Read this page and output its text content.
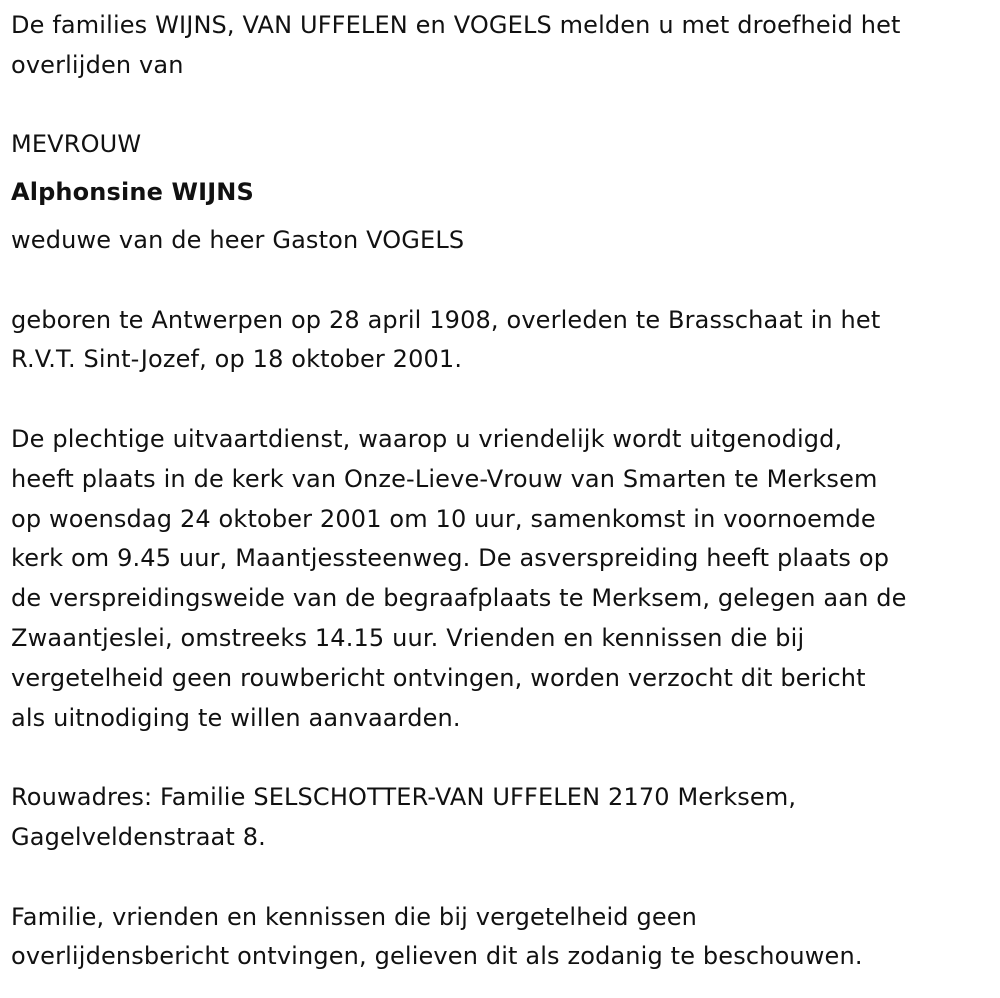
De families WIJNS, VAN UFFELEN en VOGELS melden u met droefheid het
overlijden van

MEVROUW

Alphonsine WIJNS

weduwe van de heer Gaston VOGELS

geboren te Antwerpen op 28 april 1908, overleden te Brasschaat in het
R.V.T. Sint-Jozef, op 18 oktober 2001.

De plechtige uitvaartdienst, waarop u vriendelijk wordt uitgenodigd,
heeft plaats in de kerk van Onze-Lieve-Vrouw van Smarten te Merksem
op woensdag 24 oktober 2001 om 10 uur, samenkomst in voornoemde
kerk om 9.45 uur, Maantjessteenweg. De asverspreiding heeft plaats op
de verspreidingsweide van de begraafplaats te Merksem, gelegen aan de
Zwaantjeslei, omstreeks 14.15 uur. Vrienden en kennissen die bij
vergetelheid geen rouwbericht ontvingen, worden verzocht dit bericht
als uitnodiging te willen aanvaarden.

Rouwadres: Familie SELSCHOTTER-VAN UFFELEN 2170 Merksem,
Gagelveldenstraat 8.

Familie, vrienden en kennissen die bij vergetelheid geen
overlijdensbericht ontvingen, gelieven dit als zodanig te beschouwen.
